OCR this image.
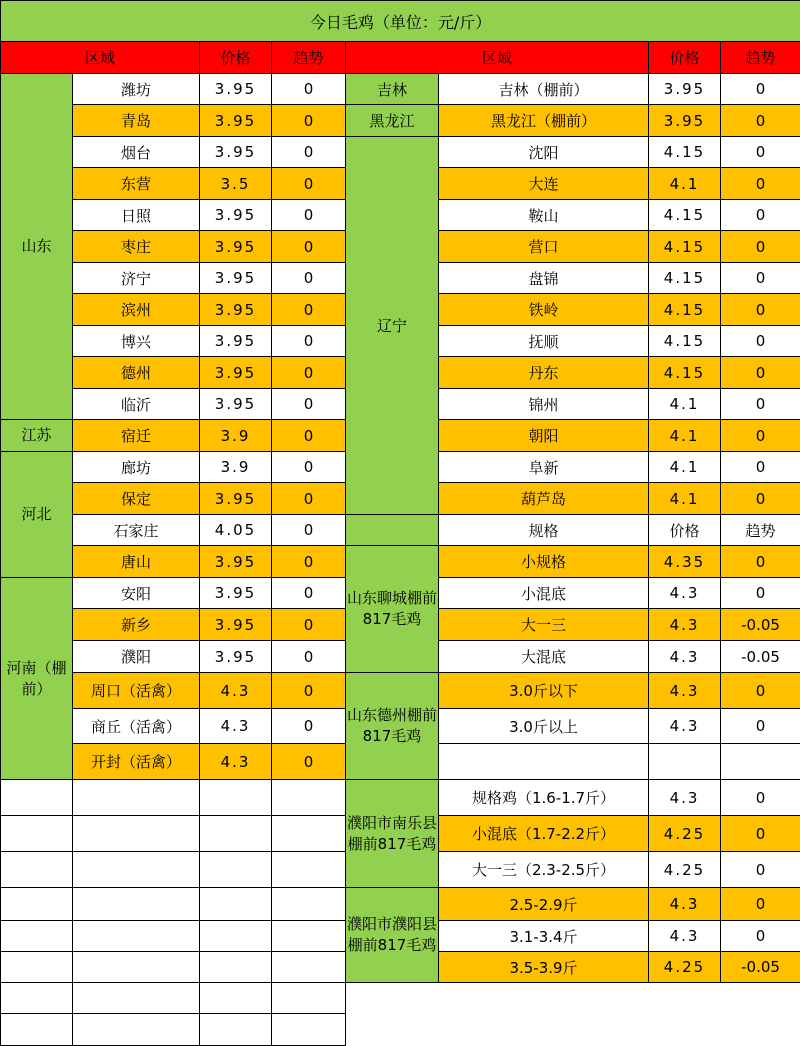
今日毛鸡（单位：元/斤）								
区域		价格	趋势	区域		价格	趋势	
山东	潍坊	3.95	0	吉林	吉林（棚前）	3.95	0	
	青岛	3.95	0	黑龙江	黑龙江（棚前）	3.95	0	
	烟台	3.95	0	辽宁	沈阳	4.15	0	
	东营	3.5	0		大连	4.1	0	
	日照	3.95	0		鞍山	4.15	0	
	枣庄	3.95	0		营口	4.15	0	
	济宁	3.95	0		盘锦	4.15	0	
	滨州	3.95	0		铁岭	4.15	0	
	博兴	3.95	0		抚顺	4.15	0	
	德州	3.95	0		丹东	4.15	0	
	临沂	3.95	0		锦州	4.1	0	
江苏	宿迁	3.9	0		朝阳	4.1	0	
河北	廊坊	3.9	0		阜新	4.1	0	
	保定	3.95	0		葫芦岛	4.1	0	
	石家庄	4.05	0		规格	价格	趋势	
	唐山	3.95	0	山东聊城棚前817毛鸡	小规格	4.35	0	
河南（棚前）	安阳	3.95	0		小混底	4.3	0	
	新乡	3.95	0		大一三	4.3	-0.05	
	濮阳	3.95	0		大混底	4.3	-0.05	
	周口（活禽）	4.3	0	山东德州棚前817毛鸡	3.0斤以下	4.3	0	
	商丘（活禽）	4.3	0		3.0斤以上	4.3	0	
	开封（活禽）	4.3	0							
				濮阳市南乐县棚前817毛鸡	规格鸡（1.6-1.7斤）	4.3	0	
					小混底（1.7-2.2斤）	4.25	0	
					大一三（2.3-2.5斤）	4.25	0	
				濮阳市濮阳县棚前817毛鸡	2.5-2.9斤	4.3	0	
					3.1-3.4斤	4.3	0	
					3.5-3.9斤	4.25	-0.05	
